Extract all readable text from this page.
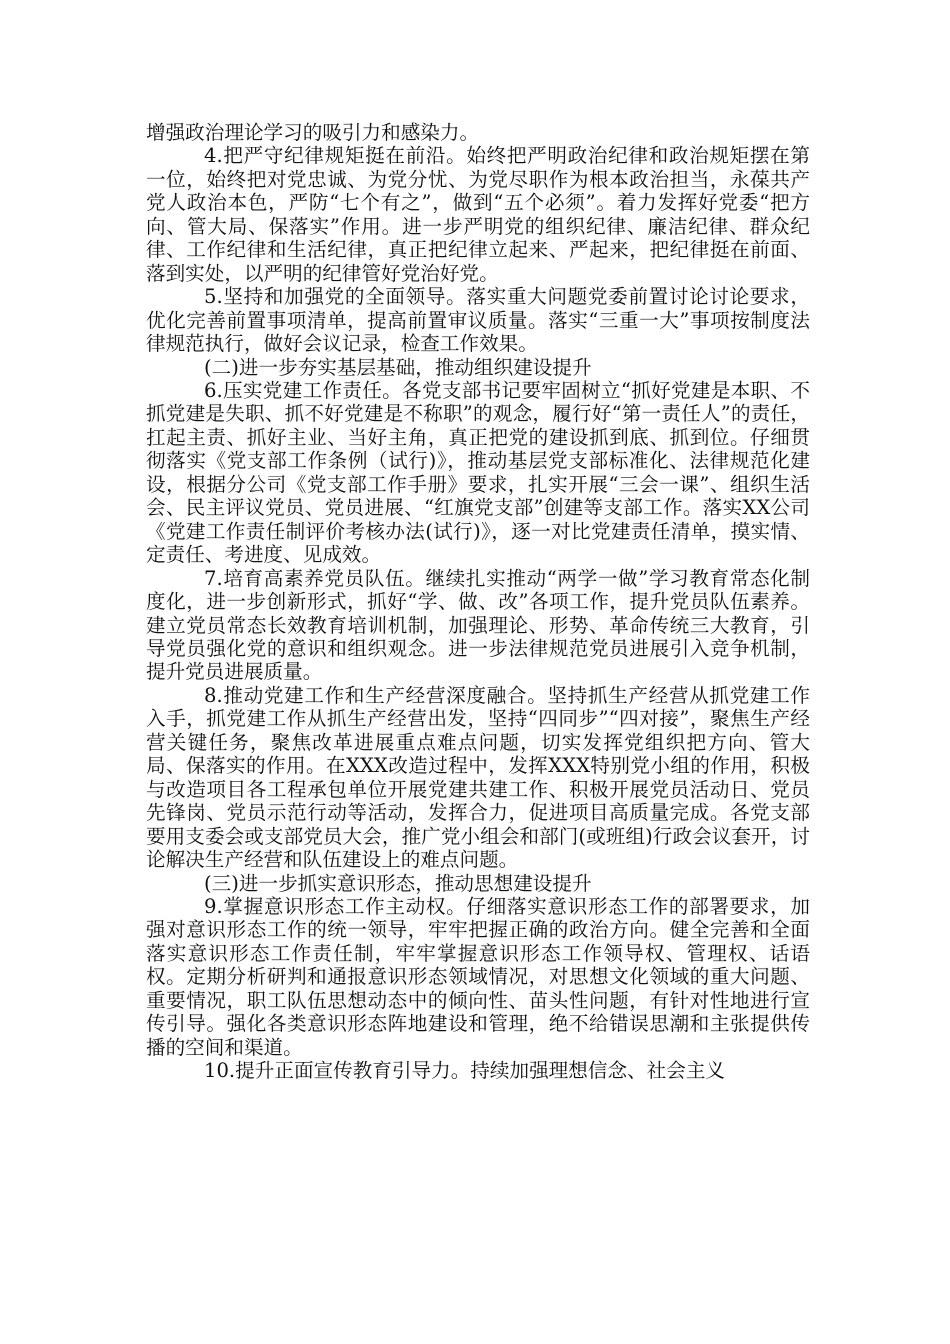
增强政治理论学习的吸引力和感染力。

4.把严守纪律规矩挺在前沿。始终把严明政治纪律和政治规矩摆在第一位，始终把对党忠诚、为党分忧、为党尽职作为根本政治担当，永葆共产党人政治本色，严防“七个有之”，做到“五个必须”。着力发挥好党委“把方向、管大局、保落实”作用。进一步严明党的组织纪律、廉洁纪律、群众纪律、工作纪律和生活纪律，真正把纪律立起来、严起来，把纪律挺在前面、落到实处，以严明的纪律管好党治好党。

5.坚持和加强党的全面领导。落实重大问题党委前置讨论讨论要求，优化完善前置事项清单，提高前置审议质量。落实“三重一大”事项按制度法律规范执行，做好会议记录，检查工作效果。

(二)进一步夯实基层基础，推动组织建设提升

6.压实党建工作责任。各党支部书记要牢固树立“抓好党建是本职、不抓党建是失职、抓不好党建是不称职”的观念，履行好“第一责任人”的责任，扛起主责、抓好主业、当好主角，真正把党的建设抓到底、抓到位。仔细贯彻落实《党支部工作条例（试行)》，推动基层党支部标准化、法律规范化建设，根据分公司《党支部工作手册》要求，扎实开展“三会一课”、组织生活会、民主评议党员、党员进展、“红旗党支部”创建等支部工作。落实XX公司《党建工作责任制评价考核办法(试行)》，逐一对比党建责任清单，摸实情、定责任、考进度、见成效。

7.培育高素养党员队伍。继续扎实推动“两学一做”学习教育常态化制度化，进一步创新形式，抓好“学、做、改”各项工作，提升党员队伍素养。建立党员常态长效教育培训机制，加强理论、形势、革命传统三大教育，引导党员强化党的意识和组织观念。进一步法律规范党员进展引入竞争机制，提升党员进展质量。

8.推动党建工作和生产经营深度融合。坚持抓生产经营从抓党建工作入手，抓党建工作从抓生产经营出发，坚持“四同步”“四对接”，聚焦生产经营关键任务，聚焦改革进展重点难点问题，切实发挥党组织把方向、管大局、保落实的作用。在XXX改造过程中，发挥XXX特别党小组的作用，积极与改造项目各工程承包单位开展党建共建工作、积极开展党员活动日、党员先锋岗、党员示范行动等活动，发挥合力，促进项目高质量完成。各党支部要用支委会或支部党员大会，推广党小组会和部门(或班组)行政会议套开，讨论解决生产经营和队伍建设上的难点问题。

(三)进一步抓实意识形态，推动思想建设提升

9.掌握意识形态工作主动权。仔细落实意识形态工作的部署要求，加强对意识形态工作的统一领导，牢牢把握正确的政治方向。健全完善和全面落实意识形态工作责任制，牢牢掌握意识形态工作领导权、管理权、话语权。定期分析研判和通报意识形态领域情况，对思想文化领域的重大问题、重要情况，职工队伍思想动态中的倾向性、苗头性问题，有针对性地进行宣传引导。强化各类意识形态阵地建设和管理，绝不给错误思潮和主张提供传播的空间和渠道。

10.提升正面宣传教育引导力。持续加强理想信念、社会主义
